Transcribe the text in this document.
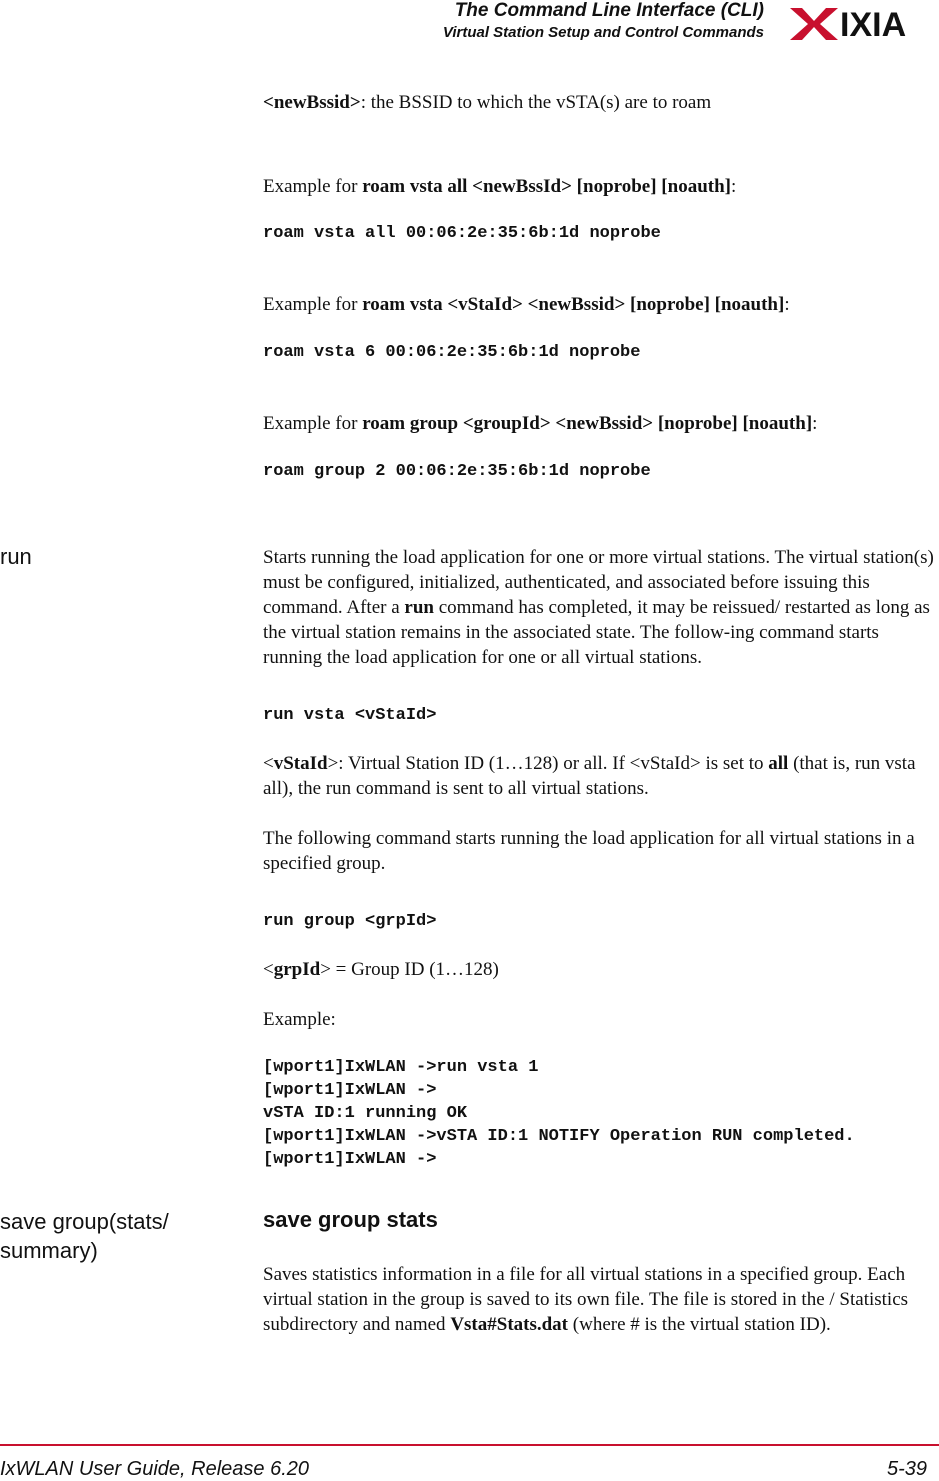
The Command Line Interface (CLI)
Virtual Station Setup and Control Commands IXIA
<newBssid>: the BSSID to which the vSTA(s) are to roam
Example for roam vsta all <newBssId> [noprobe] [noauth]:
roam vsta all 00:06:2e:35:6b:1d noprobe
Example for roam vsta <vStaId> <newBssid> [noprobe] [noauth]:
roam vsta 6 00:06:2e:35:6b:1d noprobe
Example for roam group <groupId> <newBssid> [noprobe] [noauth]:
roam group 2 00:06:2e:35:6b:1d noprobe
run	Starts running the load application for one or more virtual stations. The virtual station(s) must be configured, initialized, authenticated, and associated before issuing this command. After a run command has completed, it may be reissued/ restarted as long as the virtual station remains in the associated state. The follow-ing command starts running the load application for one or all virtual stations.
run vsta <vStaId>
<vStaId>: Virtual Station ID (1…128) or all. If <vStaId> is set to all (that is, run vsta all), the run command is sent to all virtual stations.
The following command starts running the load application for all virtual stations in a specified group.
run group <grpId>
<grpId> = Group ID (1…128)
Example:
[wport1]IxWLAN ->run vsta 1
[wport1]IxWLAN ->
vSTA ID:1 running OK
[wport1]IxWLAN ->vSTA ID:1 NOTIFY Operation RUN completed.
[wport1]IxWLAN ->
save group(stats/
summary)
save group stats
Saves statistics information in a file for all virtual stations in a specified group. Each virtual station in the group is saved to its own file. The file is stored in the / Statistics subdirectory and named Vsta#Stats.dat (where # is the virtual station ID).
IxWLAN User Guide, Release 6.20	5-39
